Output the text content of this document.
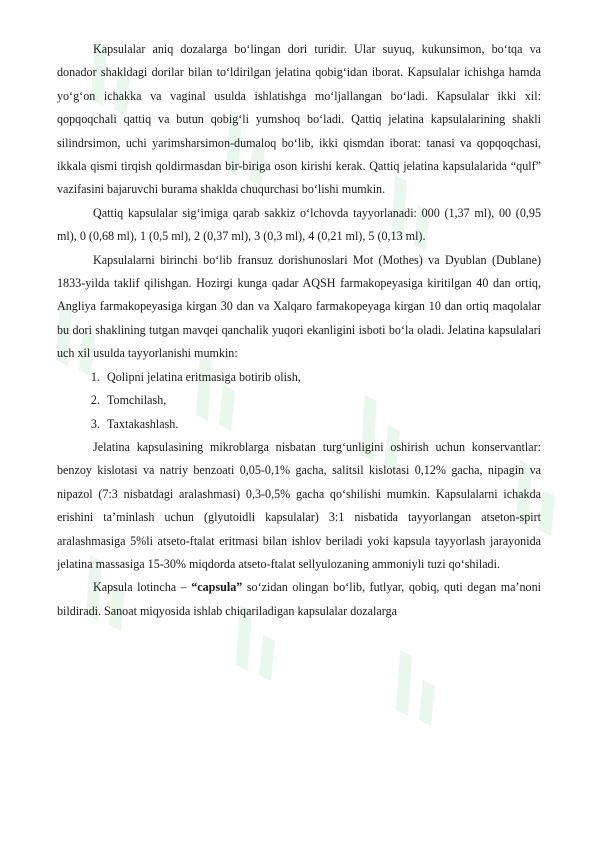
Kapsulalar aniq dozalarga bo‘lingan dori turidir. Ular suyuq, kukunsimon, bo‘tqa va donador shakldagi dorilar bilan to‘ldirilgan jelatina qobig‘idan iborat. Kapsulalar ichishga hamda yo‘g‘on ichakka va vaginal usulda ishlatishga mo‘ljallangan bo‘ladi. Kapsulalar ikki xil: qopqoqchali qattiq va butun qobig‘li yumshoq bo‘ladi. Qattiq jelatina kapsulalarining shakli silindrsimon, uchi yarimsharsimon-dumaloq bo‘lib, ikki qismdan iborat: tanasi va qopqoqchasi, ikkala qismi tirqish qoldirmasdan bir-biriga oson kirishi kerak. Qattiq jelatina kapsulalarida “qulf” vazifasini bajaruvchi burama shaklda chuqurchasi bo‘lishi mumkin.

Qattiq kapsulalar sig‘imiga qarab sakkiz o‘lchovda tayyorlanadi: 000 (1,37 ml), 00 (0,95 ml), 0 (0,68 ml), 1 (0,5 ml), 2 (0,37 ml), 3 (0,3 ml), 4 (0,21 ml), 5 (0,13 ml).

Kapsulalarni birinchi bo‘lib fransuz dorishunoslari Mot (Mothes) va Dyublan (Dublane) 1833-yilda taklif qilishgan. Hozirgi kunga qadar AQSH farmakopeyasiga kiritilgan 40 dan ortiq, Angliya farmakopeyasiga kirgan 30 dan va Xalqaro farmakopeyaga kirgan 10 dan ortiq maqolalar bu dori shaklining tutgan mavqei qanchalik yuqori ekanligini isboti bo‘la oladi. Jelatina kapsulalari uch xil usulda tayyorlanishi mumkin:

1. Qolipni jelatina eritmasiga botirib olish,
2. Tomchilash,
3. Taxtakashlash.

Jelatina kapsulasining mikroblarga nisbatan turg‘unligini oshirish uchun konservantlar: benzoy kislotasi va natriy benzoati 0,05-0,1% gacha, salitsil kislotasi 0,12% gacha, nipagin va nipazol (7:3 nisbatdagi aralashmasi) 0,3-0,5% gacha qo‘shilishi mumkin. Kapsulalarni ichakda erishini ta’minlash uchun (glyutoidli kapsulalar) 3:1 nisbatida tayyorlangan atseton-spirt aralashmasiga 5%li atseto-ftalat eritmasi bilan ishlov beriladi yoki kapsula tayyorlash jarayonida jelatina massasiga 15-30% miqdorda atseto-ftalat sellyulozaning ammoniyli tuzi qo‘shiladi.

Kapsula lotincha – “capsula” so‘zidan olingan bo‘lib, futlyar, qobiq, quti degan ma’noni bildiradi. Sanoat miqyosida ishlab chiqariladigan kapsulalar dozalarga
